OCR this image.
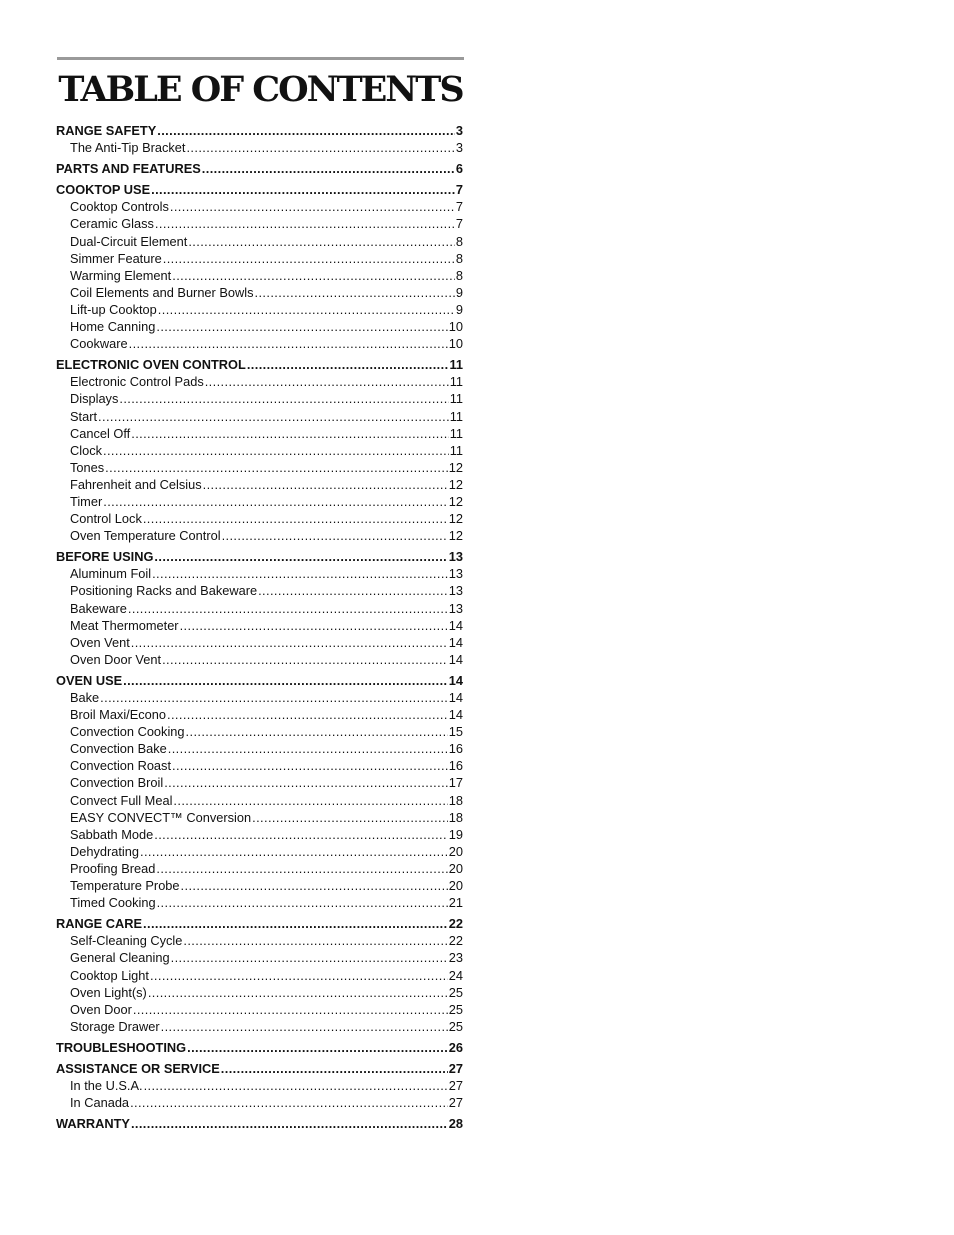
TABLE OF CONTENTS
RANGE SAFETY .....	3
The Anti-Tip Bracket .....	3
PARTS AND FEATURES .....	6
COOKTOP USE .....	7
Cooktop Controls .....	7
Ceramic Glass .....	7
Dual-Circuit Element .....	8
Simmer Feature .....	8
Warming Element .....	8
Coil Elements and Burner Bowls .....	9
Lift-up Cooktop .....	9
Home Canning .....	10
Cookware .....	10
ELECTRONIC OVEN CONTROL .....	11
Electronic Control Pads .....	11
Displays .....	11
Start .....	11
Cancel Off .....	11
Clock .....	11
Tones .....	12
Fahrenheit and Celsius .....	12
Timer .....	12
Control Lock .....	12
Oven Temperature Control .....	12
BEFORE USING .....	13
Aluminum Foil .....	13
Positioning Racks and Bakeware .....	13
Bakeware .....	13
Meat Thermometer .....	14
Oven Vent .....	14
Oven Door Vent .....	14
OVEN USE .....	14
Bake .....	14
Broil Maxi/Econo .....	14
Convection Cooking .....	15
Convection Bake .....	16
Convection Roast .....	16
Convection Broil .....	17
Convect Full Meal .....	18
EASY CONVECT™ Conversion .....	18
Sabbath Mode .....	19
Dehydrating .....	20
Proofing Bread .....	20
Temperature Probe .....	20
Timed Cooking .....	21
RANGE CARE .....	22
Self-Cleaning Cycle .....	22
General Cleaning .....	23
Cooktop Light .....	24
Oven Light(s) .....	25
Oven Door .....	25
Storage Drawer .....	25
TROUBLESHOOTING .....	26
ASSISTANCE OR SERVICE .....	27
In the U.S.A. .....	27
In Canada .....	27
WARRANTY .....	28
